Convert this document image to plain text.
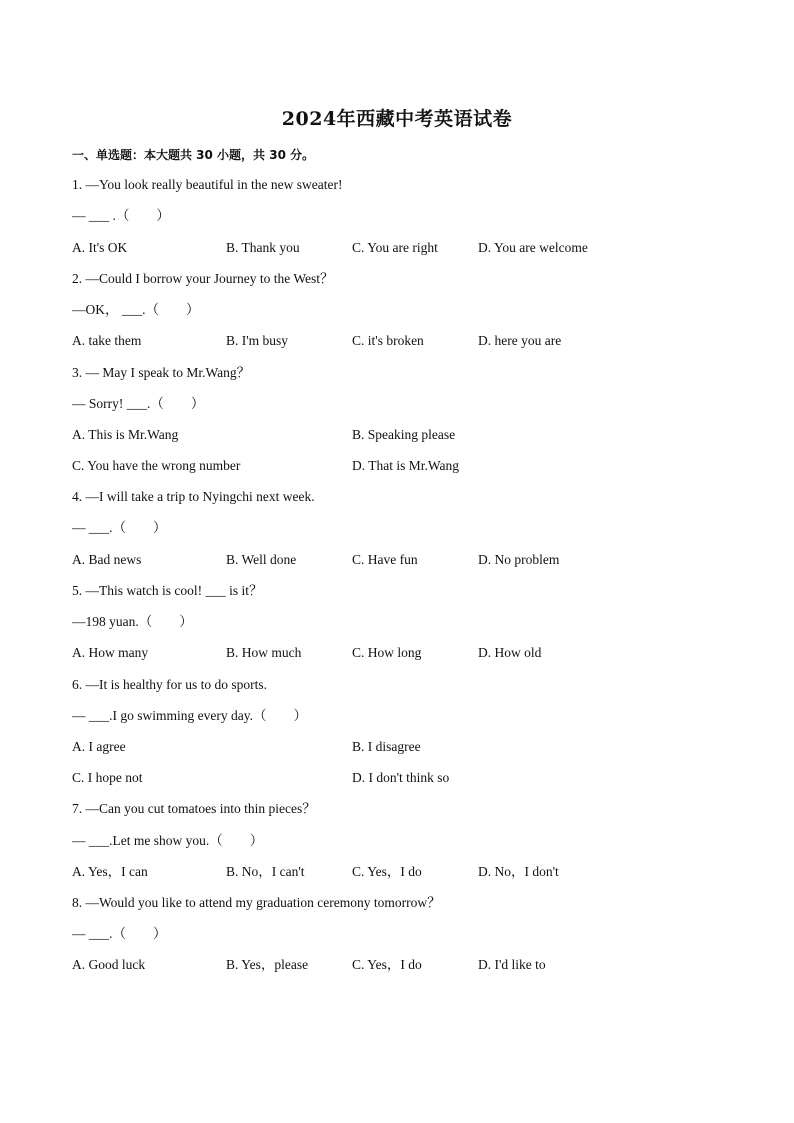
2024年西藏中考英语试卷
一、单选题：本大题共 30 小题，共 30 分。
1. —You look really beautiful in the new sweater!
— ___ .（　　）
A. It's OK	B. Thank you	C. You are right	D. You are welcome
2. —Could I borrow your Journey to the West？
—OK， ___.（　　）
A. take them	B. I'm busy	C. it's broken	D. here you are
3. — May I speak to Mr.Wang？
— Sorry! ___.（　　）
A. This is Mr.Wang	B. Speaking please
C. You have the wrong number	D. That is Mr.Wang
4. —I will take a trip to Nyingchi next week.
— ___.（　　）
A. Bad news	B. Well done	C. Have fun	D. No problem
5. —This watch is cool! ___ is it？
—198 yuan.（　　）
A. How many	B. How much	C. How long	D. How old
6. —It is healthy for us to do sports.
— ___.I go swimming every day.（　　）
A. I agree	B. I disagree
C. I hope not	D. I don't think so
7. —Can you cut tomatoes into thin pieces？
— ___.Let me show you.（　　）
A. Yes，I can	B. No，I can't	C. Yes，I do	D. No，I don't
8. —Would you like to attend my graduation ceremony tomorrow？
— ___.（　　）
A. Good luck	B. Yes，please	C. Yes，I do	D. I'd like to
